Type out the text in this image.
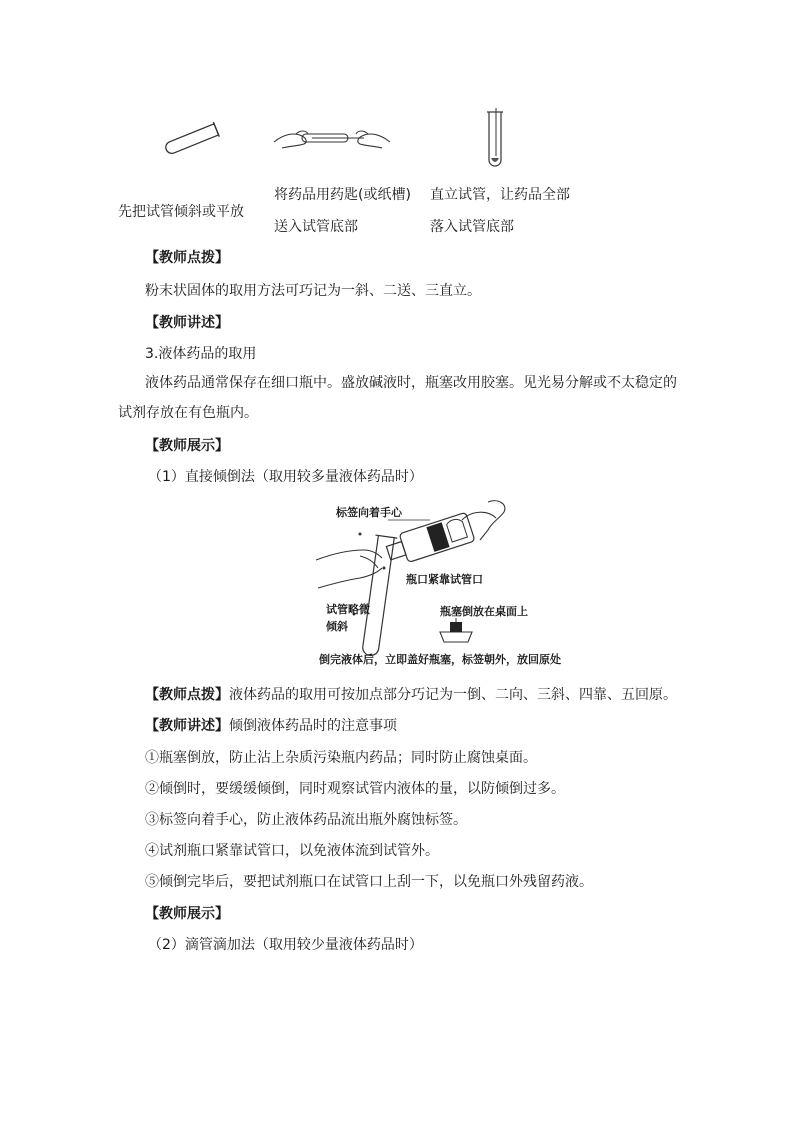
先把试管倾斜或平放
将药品用药匙(或纸槽)
送入试管底部
直立试管，让药品全部
落入试管底部
【教师点拨】
粉末状固体的取用方法可巧记为一斜、二送、三直立。
【教师讲述】
3.液体药品的取用
液体药品通常保存在细口瓶中。盛放碱液时，瓶塞改用胶塞。见光易分解或不太稳定的
试剂存放在有色瓶内。
【教师展示】
（1）直接倾倒法（取用较多量液体药品时）
标签向着手心
瓶口紧靠试管口
试管略微
倾斜
瓶塞倒放在桌面上
倒完液体后，立即盖好瓶塞，标签朝外，放回原处
【教师点拨】液体药品的取用可按加点部分巧记为一倒、二向、三斜、四靠、五回原。
【教师讲述】倾倒液体药品时的注意事项
①瓶塞倒放，防止沾上杂质污染瓶内药品；同时防止腐蚀桌面。
②倾倒时，要缓缓倾倒，同时观察试管内液体的量，以防倾倒过多。
③标签向着手心，防止液体药品流出瓶外腐蚀标签。
④试剂瓶口紧靠试管口，以免液体流到试管外。
⑤倾倒完毕后，要把试剂瓶口在试管口上刮一下，以免瓶口外残留药液。
【教师展示】
（2）滴管滴加法（取用较少量液体药品时）
